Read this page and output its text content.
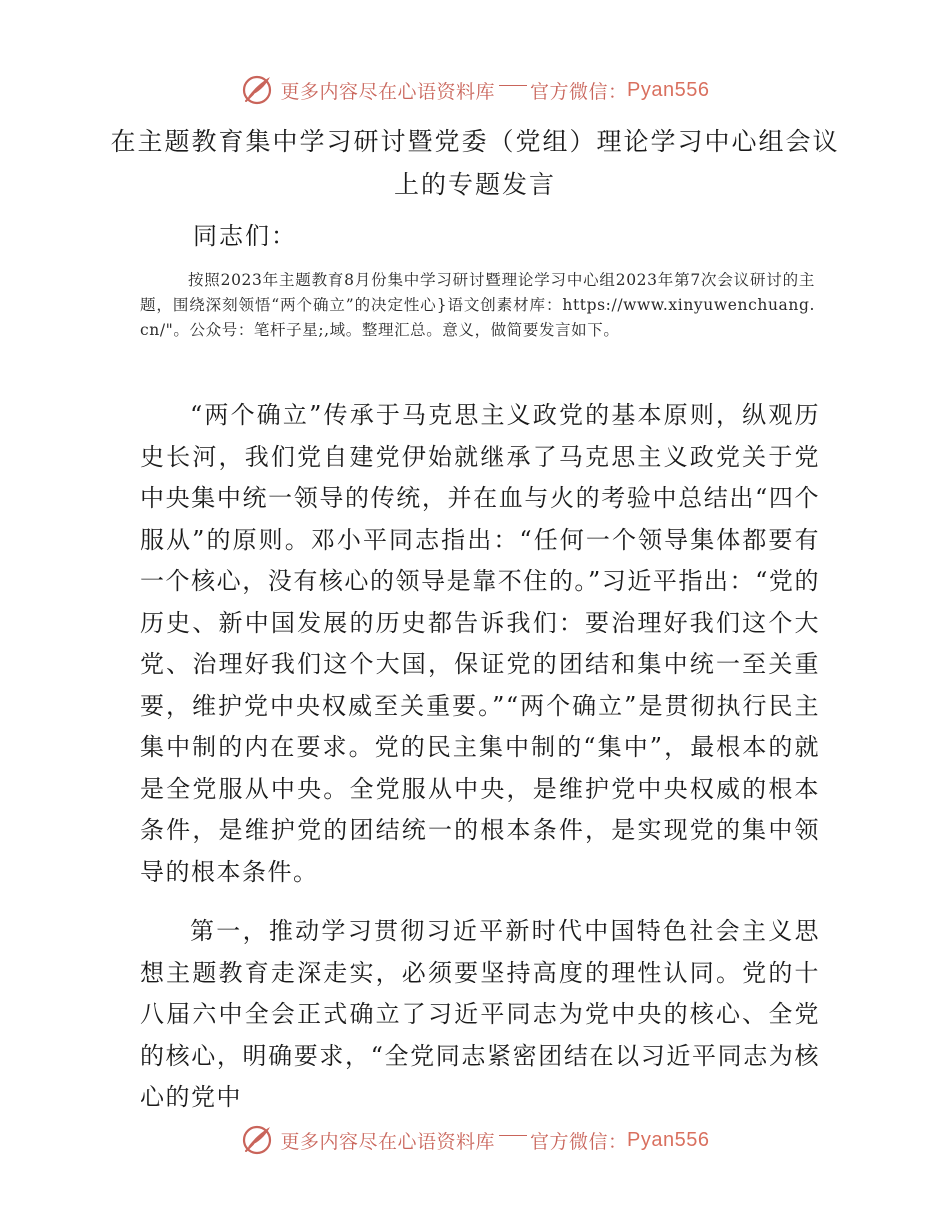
更多内容尽在心语资料库 官方微信 ： Pyan556
在主题教育集中学习研讨暨党委（党组）理论学习中心组会议
上的专题发言
同志们：
按照2023年主题教育8月份集中学习研讨暨理论学习中心组2023年第7次会议研讨的主题，围绕深刻领悟“两个确立”的决定性心}语文创素材库：https://www.xinyuwenchuang.cn/"。公众号：笔杆子星;,域。整理汇总。意义，做简要发言如下。
“两个确立”传承于马克思主义政党的基本原则，纵观历史长河，我们党自建党伊始就继承了马克思主义政党关于党中央集中统一领导的传统，并在血与火的考验中总结出“四个服从”的原则。邓小平同志指出：“任何一个领导集体都要有一个核心，没有核心的领导是靠不住的。”习近平指出：“党的历史、新中国发展的历史都告诉我们：要治理好我们这个大党、治理好我们这个大国，保证党的团结和集中统一至关重要，维护党中央权威至关重要。”“两个确立”是贯彻执行民主集中制的内在要求。党的民主集中制的“集中”，最根本的就是全党服从中央。全党服从中央，是维护党中央权威的根本条件，是维护党的团结统一的根本条件，是实现党的集中领导的根本条件。
第一，推动学习贯彻习近平新时代中国特色社会主义思想主题教育走深走实，必须要坚持高度的理性认同。党的十八届六中全会正式确立了习近平同志为党中央的核心、全党的核心，明确要求，“全党同志紧密团结在以习近平同志为核心的党中
更多内容尽在心语资料库 官方微信 ： Pyan556
